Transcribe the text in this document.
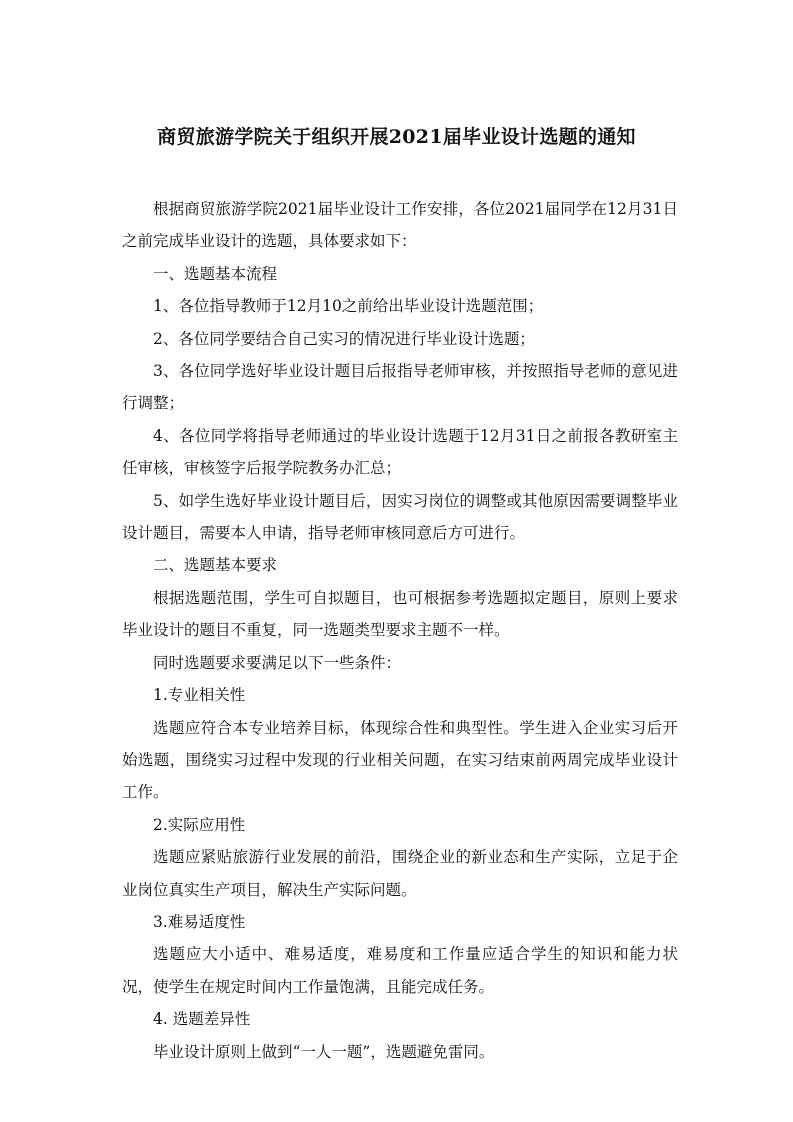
商贸旅游学院关于组织开展2021届毕业设计选题的通知

根据商贸旅游学院2021届毕业设计工作安排，各位2021届同学在12月31日之前完成毕业设计的选题，具体要求如下：

一、选题基本流程

1、各位指导教师于12月10之前给出毕业设计选题范围；

2、各位同学要结合自己实习的情况进行毕业设计选题；

3、各位同学选好毕业设计题目后报指导老师审核，并按照指导老师的意见进行调整；

4、各位同学将指导老师通过的毕业设计选题于12月31日之前报各教研室主任审核，审核签字后报学院教务办汇总；

5、如学生选好毕业设计题目后，因实习岗位的调整或其他原因需要调整毕业设计题目，需要本人申请，指导老师审核同意后方可进行。

二、选题基本要求

根据选题范围，学生可自拟题目，也可根据参考选题拟定题目，原则上要求毕业设计的题目不重复，同一选题类型要求主题不一样。

同时选题要求要满足以下一些条件：

1.专业相关性

选题应符合本专业培养目标，体现综合性和典型性。学生进入企业实习后开始选题，围绕实习过程中发现的行业相关问题，在实习结束前两周完成毕业设计工作。

2.实际应用性

选题应紧贴旅游行业发展的前沿，围绕企业的新业态和生产实际，立足于企业岗位真实生产项目，解决生产实际问题。

3.难易适度性

选题应大小适中、难易适度，难易度和工作量应适合学生的知识和能力状况，使学生在规定时间内工作量饱满，且能完成任务。

4. 选题差异性

毕业设计原则上做到“一人一题”，选题避免雷同。
